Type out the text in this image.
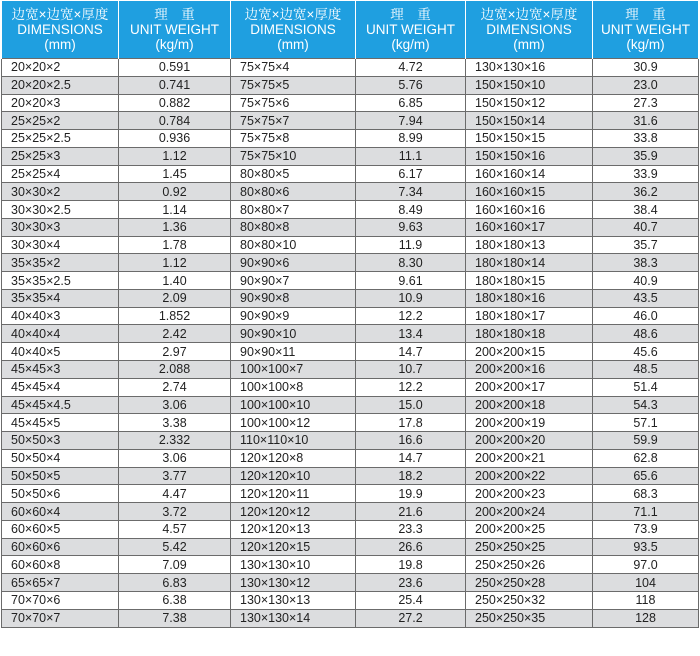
边宽×边宽×厚度
DIMENSIONS
(mm)	理　重
UNIT WEIGHT
(kg/m)	边宽×边宽×厚度
DIMENSIONS
(mm)	理　重
UNIT WEIGHT
(kg/m)	边宽×边宽×厚度
DIMENSIONS
(mm)	理　重
UNIT WEIGHT
(kg/m)

20×20×2	0.591	75×75×4	4.72	130×130×16	30.9
20×20×2.5	0.741	75×75×5	5.76	150×150×10	23.0
20×20×3	0.882	75×75×6	6.85	150×150×12	27.3
25×25×2	0.784	75×75×7	7.94	150×150×14	31.6
25×25×2.5	0.936	75×75×8	8.99	150×150×15	33.8
25×25×3	1.12	75×75×10	11.1	150×150×16	35.9
25×25×4	1.45	80×80×5	6.17	160×160×14	33.9
30×30×2	0.92	80×80×6	7.34	160×160×15	36.2
30×30×2.5	1.14	80×80×7	8.49	160×160×16	38.4
30×30×3	1.36	80×80×8	9.63	160×160×17	40.7
30×30×4	1.78	80×80×10	11.9	180×180×13	35.7
35×35×2	1.12	90×90×6	8.30	180×180×14	38.3
35×35×2.5	1.40	90×90×7	9.61	180×180×15	40.9
35×35×4	2.09	90×90×8	10.9	180×180×16	43.5
40×40×3	1.852	90×90×9	12.2	180×180×17	46.0
40×40×4	2.42	90×90×10	13.4	180×180×18	48.6
40×40×5	2.97	90×90×11	14.7	200×200×15	45.6
45×45×3	2.088	100×100×7	10.7	200×200×16	48.5
45×45×4	2.74	100×100×8	12.2	200×200×17	51.4
45×45×4.5	3.06	100×100×10	15.0	200×200×18	54.3
45×45×5	3.38	100×100×12	17.8	200×200×19	57.1
50×50×3	2.332	110×110×10	16.6	200×200×20	59.9
50×50×4	3.06	120×120×8	14.7	200×200×21	62.8
50×50×5	3.77	120×120×10	18.2	200×200×22	65.6
50×50×6	4.47	120×120×11	19.9	200×200×23	68.3
60×60×4	3.72	120×120×12	21.6	200×200×24	71.1
60×60×5	4.57	120×120×13	23.3	200×200×25	73.9
60×60×6	5.42	120×120×15	26.6	250×250×25	93.5
60×60×8	7.09	130×130×10	19.8	250×250×26	97.0
65×65×7	6.83	130×130×12	23.6	250×250×28	104
70×70×6	6.38	130×130×13	25.4	250×250×32	118
70×70×7	7.38	130×130×14	27.2	250×250×35	128
